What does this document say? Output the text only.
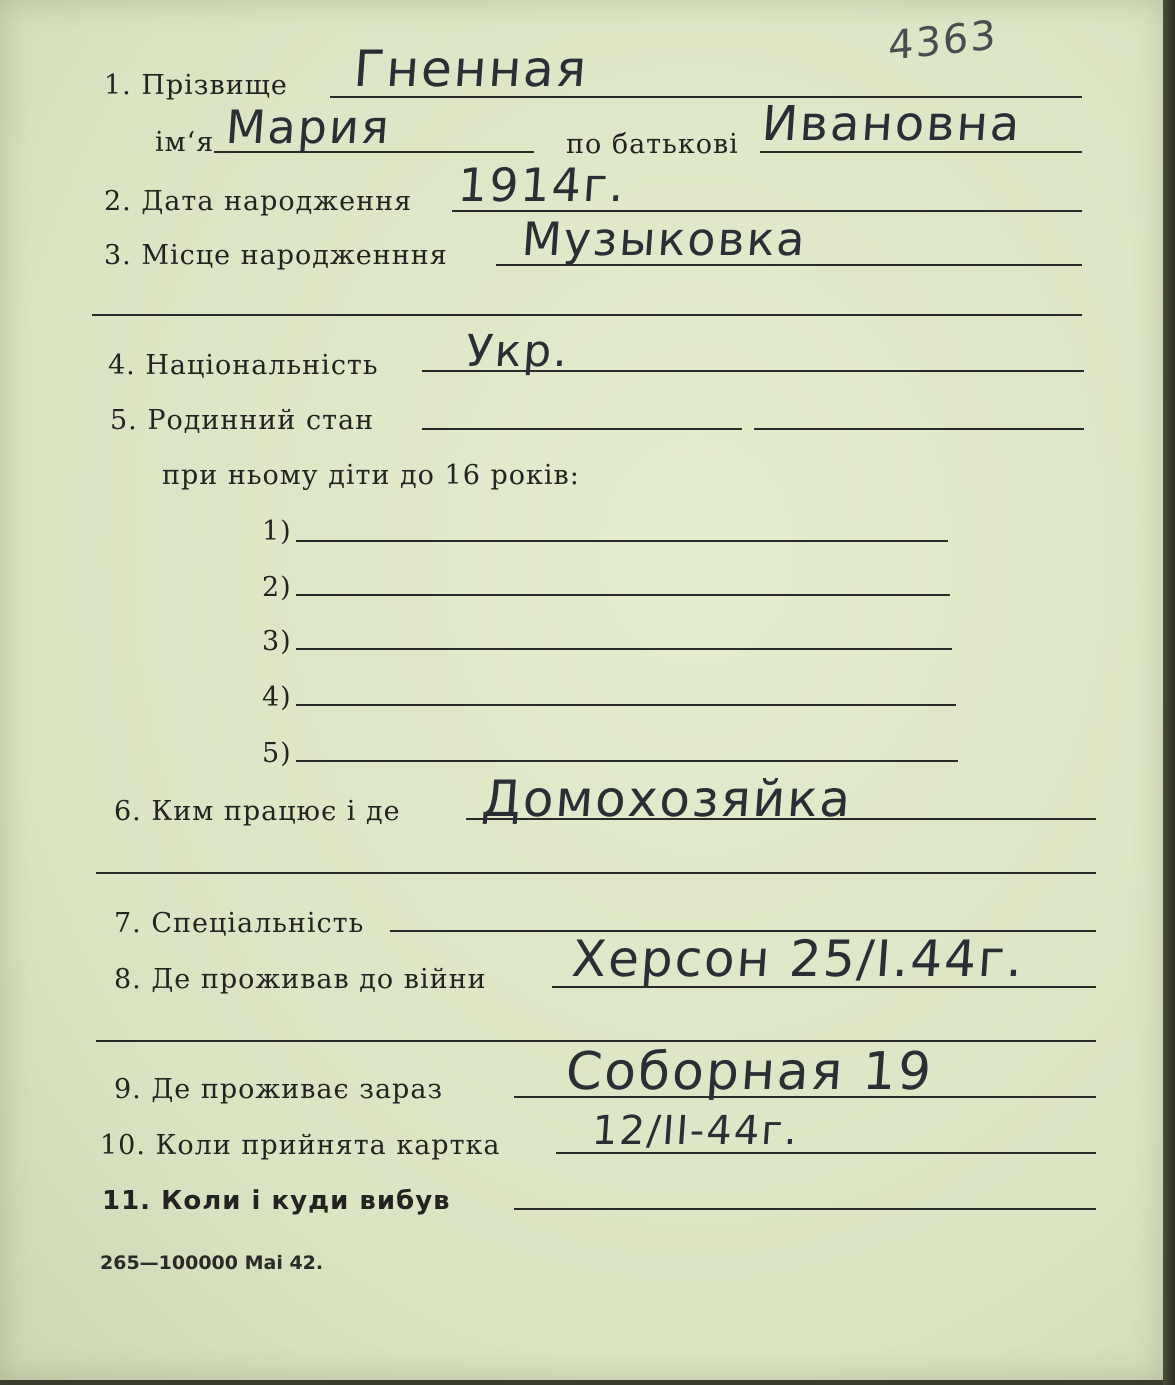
4363
1. Прізвище Гненная
ім‘я Мария	по батькові Ивановна
2. Дата народження 1914г.
3. Місце народженння Музыковка
4. Національність Укр.
5. Родинний стан
при ньому діти до 16 років:
1)
2)
3)
4)
5)
6. Ким працює і де Домохозяйка
7. Спеціальність
8. Де проживав до війни Херсон 25/I.44г.
9. Де проживає зараз Соборная 19
10. Коли прийнята картка 12/II-44г.
11. Коли і куди вибув
265—100000 Маі 42.
